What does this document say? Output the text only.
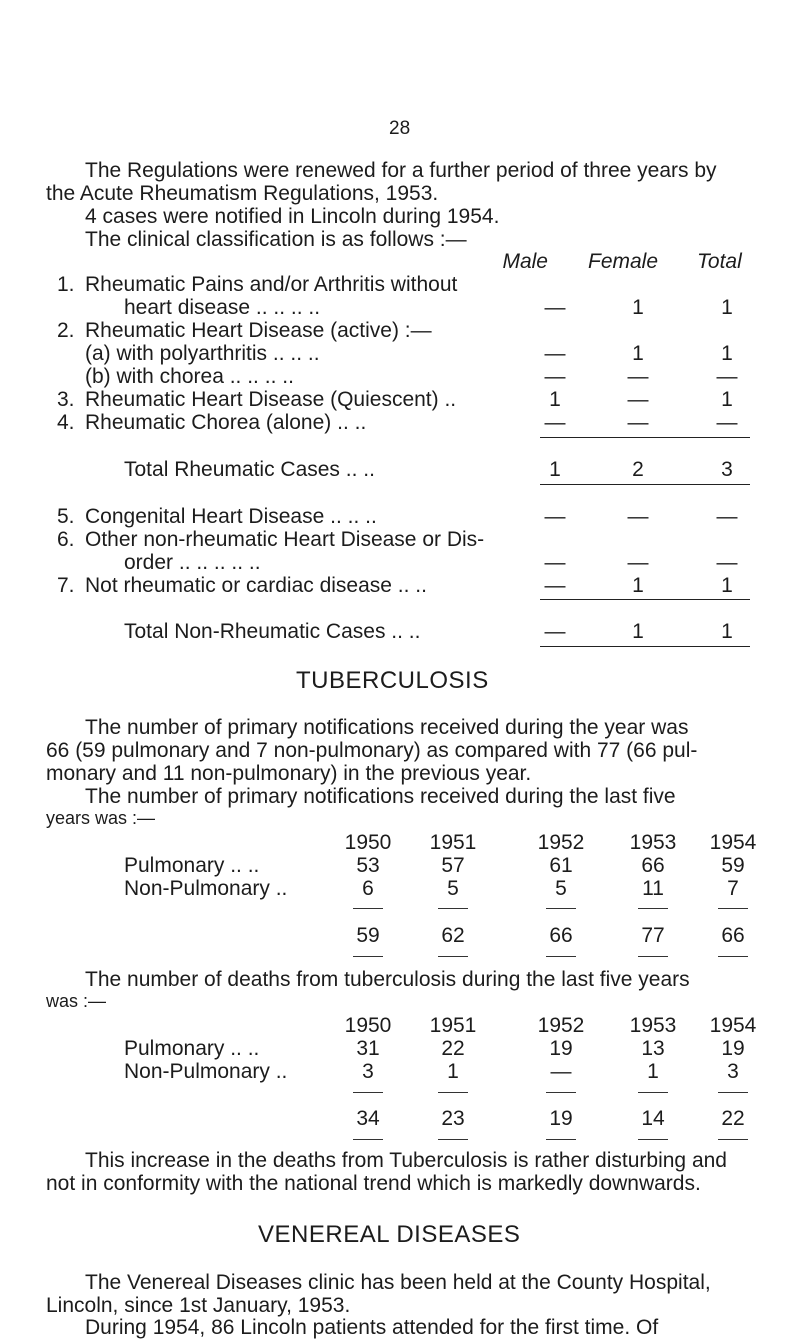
28
The Regulations were renewed for a further period of three years by
the Acute Rheumatism Regulations, 1953.
4 cases were notified in Lincoln during 1954.
The clinical classification is as follows :—
Male Female Total
1. Rheumatic Pains and/or Arthritis without
heart disease .. .. .. ..	—	1	1
2. Rheumatic Heart Disease (active) :—
(a) with polyarthritis .. .. ..	—	1	1
(b) with chorea .. .. .. ..	—	—	—
3. Rheumatic Heart Disease (Quiescent) ..	1	—	1
4. Rheumatic Chorea (alone) .. ..	—	—	—
Total Rheumatic Cases .. ..	1	2	3
5. Congenital Heart Disease .. .. ..	—	—	—
6. Other non-rheumatic Heart Disease or Dis-
order .. .. .. .. ..	—	—	—
7. Not rheumatic or cardiac disease .. ..	—	1	1
Total Non-Rheumatic Cases .. ..	—	1	1
TUBERCULOSIS
The number of primary notifications received during the year was
66 (59 pulmonary and 7 non-pulmonary) as compared with 77 (66 pul-
monary and 11 non-pulmonary) in the previous year.
The number of primary notifications received during the last five
years was :—
1950 1951	1952 1953 1954
Pulmonary .. ..	53	57	61	66	59
Non-Pulmonary ..	6	5	5	11	7
59	62	66	77	66
The number of deaths from tuberculosis during the last five years
was :—
1950 1951	1952 1953 1954
Pulmonary .. ..	31	22	19	13	19
Non-Pulmonary ..	3	1	—	1	3
34	23	19	14	22
This increase in the deaths from Tuberculosis is rather disturbing and
not in conformity with the national trend which is markedly downwards.
VENEREAL DISEASES
The Venereal Diseases clinic has been held at the County Hospital,
Lincoln, since 1st January, 1953.
During 1954, 86 Lincoln patients attended for the first time. Of
